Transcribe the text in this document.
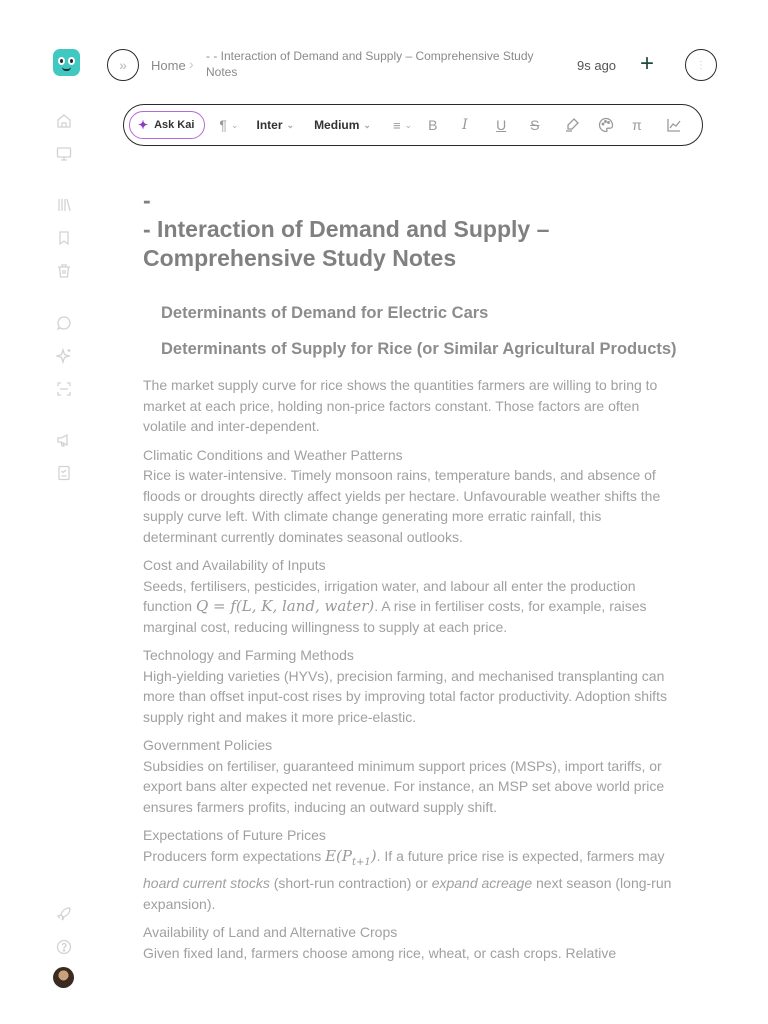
» Home › - - Interaction of Demand and Supply – Comprehensive Study Notes	9s ago +	⋮
✦ Ask Kai ¶ ⌄ Inter ⌄ Medium ⌄ ≡ ⌄ B I U S	π
-
- Interaction of Demand and Supply – Comprehensive Study Notes
Determinants of Demand for Electric Cars
Determinants of Supply for Rice (or Similar Agricultural Products)

The market supply curve for rice shows the quantities farmers are willing to bring to market at each price, holding non-price factors constant. Those factors are often volatile and inter-dependent.

Climatic Conditions and Weather Patterns

Rice is water-intensive. Timely monsoon rains, temperature bands, and absence of floods or droughts directly affect yields per hectare. Unfavourable weather shifts the supply curve left. With climate change generating more erratic rainfall, this determinant currently dominates seasonal outlooks.

Cost and Availability of Inputs

Seeds, fertilisers, pesticides, irrigation water, and labour all enter the production function Q = f(L, K, land, water). A rise in fertiliser costs, for example, raises marginal cost, reducing willingness to supply at each price.

Technology and Farming Methods

High-yielding varieties (HYVs), precision farming, and mechanised transplanting can more than offset input-cost rises by improving total factor productivity. Adoption shifts supply right and makes it more price-elastic.

Government Policies

Subsidies on fertiliser, guaranteed minimum support prices (MSPs), import tariffs, or export bans alter expected net revenue. For instance, an MSP set above world price ensures farmers profits, inducing an outward supply shift.

Expectations of Future Prices

Producers form expectations $E(P_{t+1})$. If a future price rise is expected, farmers may hoard current stocks (short-run contraction) or expand acreage next season (long-run expansion).

Availability of Land and Alternative Crops

Given fixed land, farmers choose among rice, wheat, or cash crops. Relative
